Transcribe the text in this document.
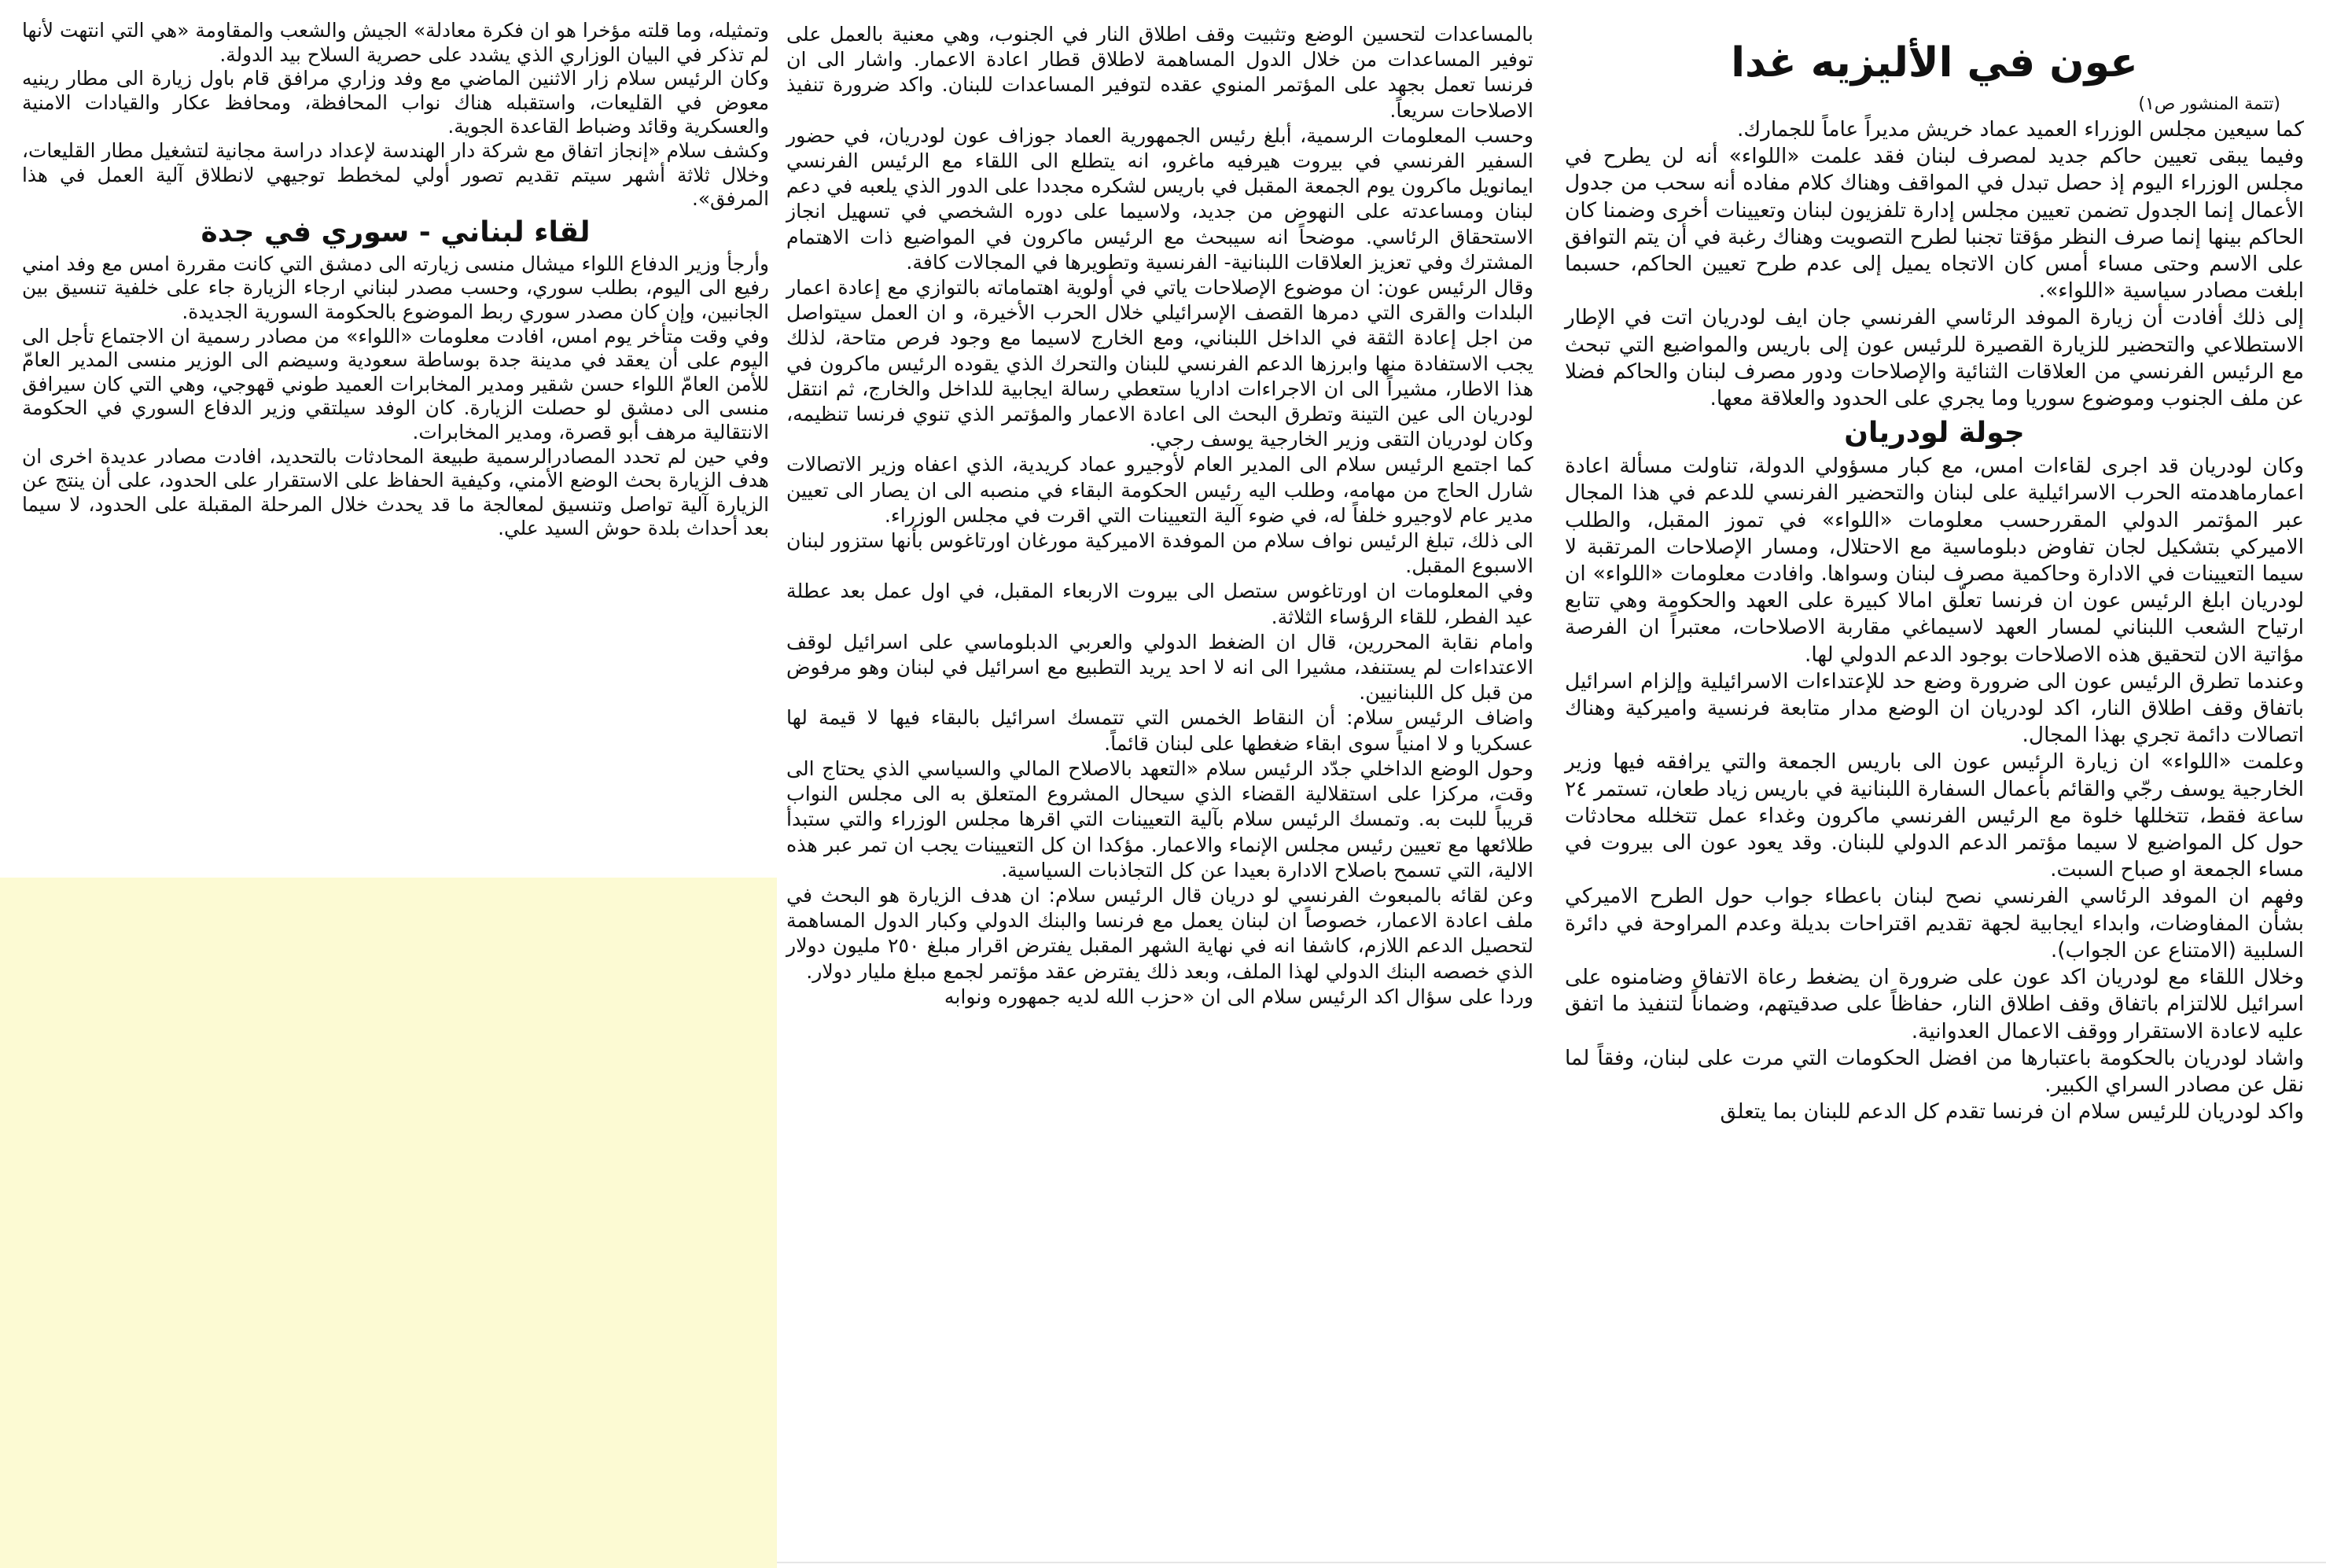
عون في الأليزيه غدا
(تتمة المنشور ص١)

كما سيعين مجلس الوزراء العميد عماد خريش مديراً عاماً للجمارك.

وفيما يبقى تعيين حاكم جديد لمصرف لبنان فقد علمت «اللواء» أنه لن يطرح في مجلس الوزراء اليوم إذ حصل تبدل في المواقف وهناك كلام مفاده أنه سحب من جدول الأعمال إنما الجدول تضمن تعيين مجلس إدارة تلفزيون لبنان وتعيينات أخرى وضمنا كان الحاكم بينها إنما صرف النظر مؤقتا تجنبا لطرح التصويت وهناك رغبة في أن يتم التوافق على الاسم وحتى مساء أمس كان الاتجاه يميل إلى عدم طرح تعيين الحاكم، حسبما ابلغت مصادر سياسية «اللواء».

إلى ذلك أفادت أن زيارة الموفد الرئاسي الفرنسي جان ايف لودريان اتت في الإطار الاستطلاعي والتحضير للزيارة القصيرة للرئيس عون إلى باريس والمواضيع التي تبحث مع الرئيس الفرنسي من العلاقات الثنائية والإصلاحات ودور مصرف لبنان والحاكم فضلا عن ملف الجنوب وموضوع سوريا وما يجري على الحدود والعلاقة معها.

جولة لودريان

وكان لودريان قد اجرى لقاءات امس، مع كبار مسؤولي الدولة، تناولت مسألة اعادة اعمارماهدمته الحرب الاسرائيلية على لبنان والتحضير الفرنسي للدعم في هذا المجال عبر المؤتمر الدولي المقررحسب معلومات «اللواء» في تموز المقبل، والطلب الاميركي بتشكيل لجان تفاوض دبلوماسية مع الاحتلال، ومسار الإصلاحات المرتقبة لا سيما التعيينات في الادارة وحاكمية مصرف لبنان وسواها. وافادت معلومات «اللواء» ان لودريان ابلغ الرئيس عون ان فرنسا تعلّق امالا كبيرة على العهد والحكومة وهي تتابع ارتياح الشعب اللبناني لمسار العهد لاسيماغي مقاربة الاصلاحات، معتبراً ان الفرصة مؤاتية الان لتحقيق هذه الاصلاحات بوجود الدعم الدولي لها.

وعندما تطرق الرئيس عون الى ضرورة وضع حد للإعتداءات الاسرائيلية وإلزام اسرائيل باتفاق وقف اطلاق النار، اكد لودريان ان الوضع مدار متابعة فرنسية واميركية وهناك اتصالات دائمة تجري بهذا المجال.

وعلمت «اللواء» ان زيارة الرئيس عون الى باريس الجمعة والتي يرافقه فيها وزير الخارجية يوسف رجّي والقائم بأعمال السفارة اللبنانية في باريس زياد طعان، تستمر ٢٤ ساعة فقط، تتخللها خلوة مع الرئيس الفرنسي ماكرون وغداء عمل تتخلله محادثات حول كل المواضيع لا سيما مؤتمر الدعم الدولي للبنان. وقد يعود عون الى بيروت في مساء الجمعة او صباح السبت.

وفهم ان الموفد الرئاسي الفرنسي نصح لبنان باعطاء جواب حول الطرح الاميركي بشأن المفاوضات، وابداء ايجابية لجهة تقديم اقتراحات بديلة وعدم المراوحة في دائرة السلبية (الامتناع عن الجواب).

وخلال اللقاء مع لودريان اكد عون على ضرورة ان يضغط رعاة الاتفاق وضامنوه على اسرائيل للالتزام باتفاق وقف اطلاق النار، حفاظاً على صدقيتهم، وضماناً لتنفيذ ما اتفق عليه لاعادة الاستقرار ووقف الاعمال العدوانية.

واشاد لودريان بالحكومة باعتبارها من افضل الحكومات التي مرت على لبنان، وفقاً لما نقل عن مصادر السراي الكبير.

واكد لودريان للرئيس سلام ان فرنسا تقدم كل الدعم للبنان بما يتعلق

بالمساعدات لتحسين الوضع وتثبيت وقف اطلاق النار في الجنوب، وهي معنية بالعمل على توفير المساعدات من خلال الدول المساهمة لاطلاق قطار اعادة الاعمار. واشار الى ان فرنسا تعمل بجهد على المؤتمر المنوي عقده لتوفير المساعدات للبنان. واكد ضرورة تنفيذ الاصلاحات سريعاً.

وحسب المعلومات الرسمية، أبلغ رئيس الجمهورية العماد جوزاف عون لودريان، في حضور السفير الفرنسي في بيروت هيرفيه ماغرو، انه يتطلع الى اللقاء مع الرئيس الفرنسي ايمانويل ماكرون يوم الجمعة المقبل في باريس لشكره مجددا على الدور الذي يلعبه في دعم لبنان ومساعدته على النهوض من جديد، ولاسيما على دوره الشخصي في تسهيل انجاز الاستحقاق الرئاسي. موضحاً انه سيبحث مع الرئيس ماكرون في المواضيع ذات الاهتمام المشترك وفي تعزيز العلاقات اللبنانية- الفرنسية وتطويرها في المجالات كافة.

وقال الرئيس عون: ان موضوع الإصلاحات ياتي في أولوية اهتماماته بالتوازي مع إعادة اعمار البلدات والقرى التي دمرها القصف الإسرائيلي خلال الحرب الأخيرة، و ان العمل سيتواصل من اجل إعادة الثقة في الداخل اللبناني، ومع الخارج لاسيما مع وجود فرص متاحة، لذلك يجب الاستفادة منها وابرزها الدعم الفرنسي للبنان والتحرك الذي يقوده الرئيس ماكرون في هذا الاطار، مشيراً الى ان الاجراءات اداريا ستعطي رسالة ايجابية للداخل والخارج، ثم انتقل لودريان الى عين التينة وتطرق البحث الى اعادة الاعمار والمؤتمر الذي تنوي فرنسا تنظيمه، وكان لودريان التقى وزير الخارجية يوسف رجي.

كما اجتمع الرئيس سلام الى المدير العام لأوجيرو عماد كريدية، الذي اعفاه وزير الاتصالات شارل الحاج من مهامه، وطلب اليه رئيس الحكومة البقاء في منصبه الى ان يصار الى تعيين مدير عام لاوجيرو خلفاً له، في ضوء آلية التعيينات التي اقرت في مجلس الوزراء.

الى ذلك، تبلغ الرئيس نواف سلام من الموفدة الاميركية مورغان اورتاغوس بأنها ستزور لبنان الاسبوع المقبل.

وفي المعلومات ان اورتاغوس ستصل الى بيروت الاربعاء المقبل، في اول عمل بعد عطلة عيد الفطر، للقاء الرؤساء الثلاثة.

وامام نقابة المحررين، قال ان الضغط الدولي والعربي الدبلوماسي على اسرائيل لوقف الاعتداءات لم يستنفد، مشيرا الى انه لا احد يريد التطبيع مع اسرائيل في لبنان وهو مرفوض من قبل كل اللبنانيين.

واضاف الرئيس سلام: أن النقاط الخمس التي تتمسك اسرائيل بالبقاء فيها لا قيمة لها عسكريا و لا امنياً سوى ابقاء ضغطها على لبنان قائماً.

وحول الوضع الداخلي جدّد الرئيس سلام «التعهد بالاصلاح المالي والسياسي الذي يحتاج الى وقت، مركزا على استقلالية القضاء الذي سيحال المشروع المتعلق به الى مجلس النواب قريباً للبت به. وتمسك الرئيس سلام بآلية التعيينات التي اقرها مجلس الوزراء والتي ستبدأ طلائعها مع تعيين رئيس مجلس الإنماء والاعمار. مؤكدا ان كل التعيينات يجب ان تمر عبر هذه الالية، التي تسمح باصلاح الادارة بعيدا عن كل التجاذبات السياسية.

وعن لقائه بالمبعوث الفرنسي لو دريان قال الرئيس سلام: ان هدف الزيارة هو البحث في ملف اعادة الاعمار، خصوصاً ان لبنان يعمل مع فرنسا والبنك الدولي وكبار الدول المساهمة لتحصيل الدعم اللازم، كاشفا انه في نهاية الشهر المقبل يفترض اقرار مبلغ ٢٥٠ مليون دولار الذي خصصه البنك الدولي لهذا الملف، وبعد ذلك يفترض عقد مؤتمر لجمع مبلغ مليار دولار.

وردا على سؤال اكد الرئيس سلام الى ان «حزب الله لديه جمهوره ونوابه

وتمثيله، وما قلته مؤخرا هو ان فكرة معادلة» الجيش والشعب والمقاومة «هي التي انتهت لأنها لم تذكر في البيان الوزاري الذي يشدد على حصرية السلاح بيد الدولة.

وكان الرئيس سلام زار الاثنين الماضي مع وفد وزاري مرافق قام باول زيارة الى مطار رينيه معوض في القليعات، واستقبله هناك نواب المحافظة، ومحافظ عكار والقيادات الامنية والعسكرية وقائد وضباط القاعدة الجوية.

وكشف سلام «إنجاز اتفاق مع شركة دار الهندسة لإعداد دراسة مجانية لتشغيل مطار القليعات، وخلال ثلاثة أشهر سيتم تقديم تصور أولي لمخطط توجيهي لانطلاق آلية العمل في هذا المرفق».

لقاء لبناني - سوري في جدة

وأرجأ وزير الدفاع اللواء ميشال منسى زيارته الى دمشق التي كانت مقررة امس مع وفد امني رفيع الى اليوم، بطلب سوري، وحسب مصدر لبناني ارجاء الزيارة جاء على خلفية تنسيق بين الجانبين، وإن كان مصدر سوري ربط الموضوع بالحكومة السورية الجديدة.

وفي وقت متأخر يوم امس، افادت معلومات «اللواء» من مصادر رسمية ان الاجتماع تأجل الى اليوم على أن يعقد في مدينة جدة بوساطة سعودية وسيضم الى الوزير منسى المدير العامّ للأمن العامّ اللواء حسن شقير ومدير المخابرات العميد طوني قهوجي، وهي التي كان سيرافق منسى الى دمشق لو حصلت الزيارة. كان الوفد سيلتقي وزير الدفاع السوري في الحكومة الانتقالية مرهف أبو قصرة، ومدير المخابرات.

وفي حين لم تحدد المصادرالرسمية طبيعة المحادثات بالتحديد، افادت مصادر عديدة اخرى ان هدف الزيارة بحث الوضع الأمني، وكيفية الحفاظ على الاستقرار على الحدود، على أن ينتج عن الزيارة آلية تواصل وتنسيق لمعالجة ما قد يحدث خلال المرحلة المقبلة على الحدود، لا سيما بعد أحداث بلدة حوش السيد علي.
